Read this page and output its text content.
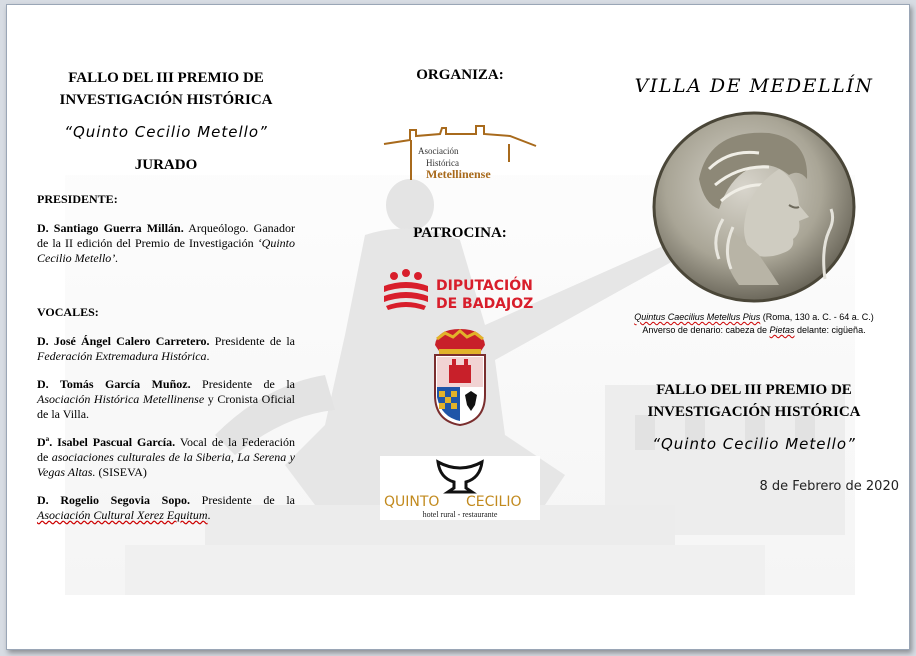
FALLO DEL III PREMIO DE

INVESTIGACIÓN HISTÓRICA

“Quinto Cecilio Metello”

JURADO

PRESIDENTE:

D. Santiago Guerra Millán. Arqueólogo. Ganador de la II edición del Premio de Investigación ‘Quinto Cecilio Metello’.

VOCALES:

D. José Ángel Calero Carretero. Presidente de la Federación Extremadura Histórica.

D. Tomás García Muñoz. Presidente de la Asociación Histórica Metellinense y Cronista Oficial de la Villa.

Dª. Isabel Pascual García. Vocal de la Federación de asociaciones culturales de la Siberia, La Serena y Vegas Altas. (SISEVA)

D. Rogelio Segovia Sopo. Presidente de la Asociación Cultural Xerez Equitum.

ORGANIZA:

Asociación
Histórica
Metellinense

PATROCINA:

DIPUTACIÓN
DE BADAJOZ

QUINTO CECILIO
hotel rural - restaurante

VILLA DE MEDELLÍN

Quintus Caecilius Metellus Pius (Roma, 130 a. C. - 64 a. C.)
Anverso de denario: cabeza de Pietas delante: cigüeña.

FALLO DEL III PREMIO DE

INVESTIGACIÓN HISTÓRICA

“Quinto Cecilio Metello”

8 de Febrero de 2020
